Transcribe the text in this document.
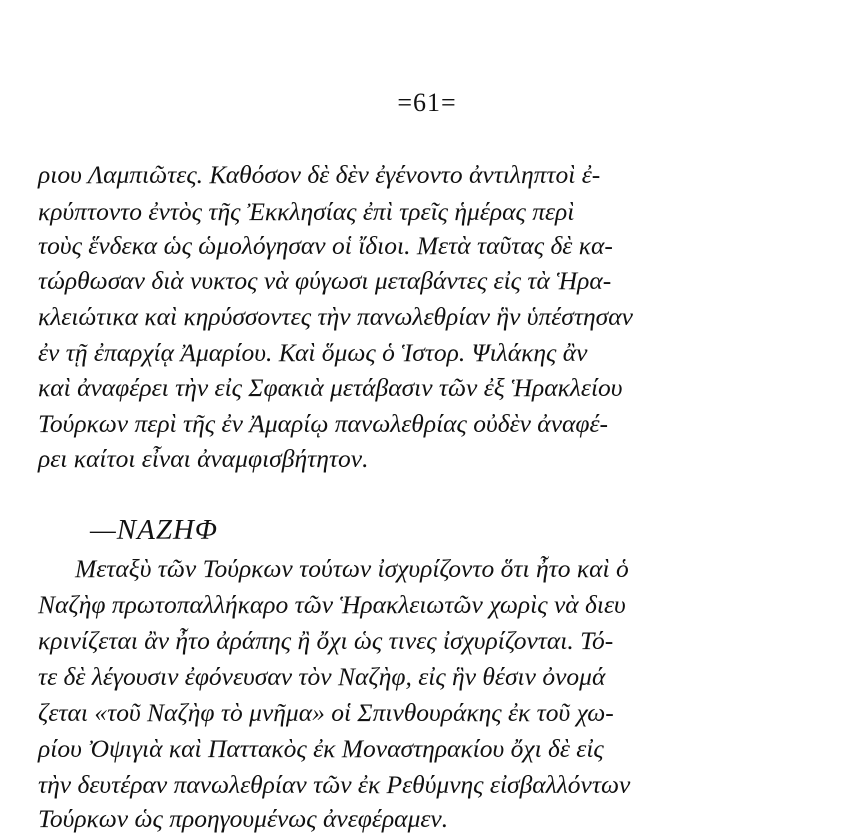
=61=
ριου Λαμπιῶτες. Καθόσον δὲ δὲν ἐγένοντο ἀντιληπτοὶ ἐ-
κρύπτοντο ἐντὸς τῆς Ἐκκλησίας ἐπὶ τρεῖς ἡμέρας περὶ
τοὺς ἕνδεκα ὡς ὡμολόγησαν οἱ ἴδιοι. Μετὰ ταῦτας δὲ κα-
τώρθωσαν διὰ νυκτος νὰ φύγωσι μεταβάντες εἰς τὰ Ἡρα-
κλειώτικα καὶ κηρύσσοντες τὴν πανωλεθρίαν ἣν ὑπέστησαν
ἐν τῇ ἐπαρχίᾳ Ἀμαρίου. Καὶ ὅμως ὁ Ἱστορ. Ψιλάκης ἂν
καὶ ἀναφέρει τὴν εἰς Σφακιὰ μετάβασιν τῶν ἐξ Ἡρακλείου
Τούρκων περὶ τῆς ἐν Ἀμαρίῳ πανωλεθρίας οὐδὲν ἀναφέ-
ρει καίτοι εἶναι ἀναμφισβήτητον.
—ΝΑΖΗΦ
Μεταξὺ τῶν Τούρκων τούτων ἰσχυρίζοντο ὅτι ἦτο καὶ ὁ
Ναζὴφ πρωτοπαλλήκαρο τῶν Ἡρακλειωτῶν χωρὶς νὰ διευ
κρινίζεται ἂν ἦτο ἀράπης ἢ ὄχι ὡς τινες ἰσχυρίζονται. Τό-
τε δὲ λέγουσιν ἐφόνευσαν τὸν Ναζὴφ, εἰς ἣν θέσιν ὀνομά
ζεται «τοῦ Ναζὴφ τὸ μνῆμα» οἱ Σπινθουράκης ἐκ τοῦ χω-
ρίου Ὀψιγιὰ καὶ Παττακὸς ἐκ Μοναστηρακίου ὄχι δὲ εἰς
τὴν δευτέραν πανωλεθρίαν τῶν ἐκ Ρεθύμνης εἰσβαλλόντων
Τούρκων ὡς προηγουμένως ἀνεφέραμεν.
